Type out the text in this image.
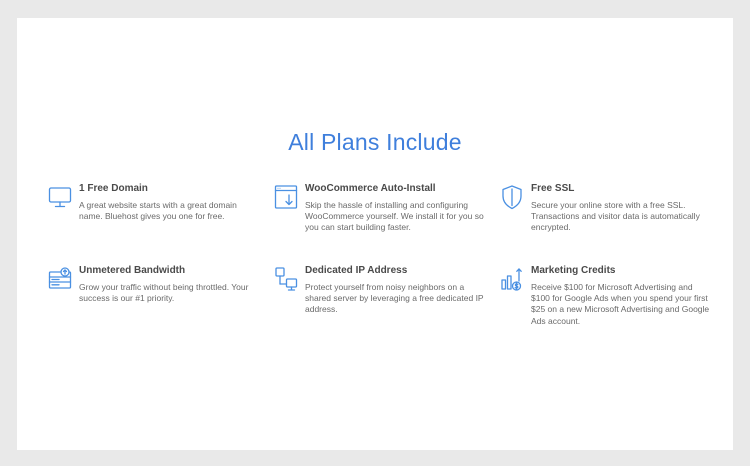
All Plans Include
1 Free Domain

A great website starts with a great domain name. Bluehost gives you one for free.

WooCommerce Auto-Install

Skip the hassle of installing and configuring WooCommerce yourself. We install it for you so you can start building faster.

Free SSL

Secure your online store with a free SSL. Transactions and visitor data is automatically encrypted.

Unmetered Bandwidth

Grow your traffic without being throttled. Your success is our #1 priority.

Dedicated IP Address

Protect yourself from noisy neighbors on a shared server by leveraging a free dedicated IP address.

Marketing Credits

Receive $100 for Microsoft Advertising and $100 for Google Ads when you spend your first $25 on a new Microsoft Advertising and Google Ads account.
